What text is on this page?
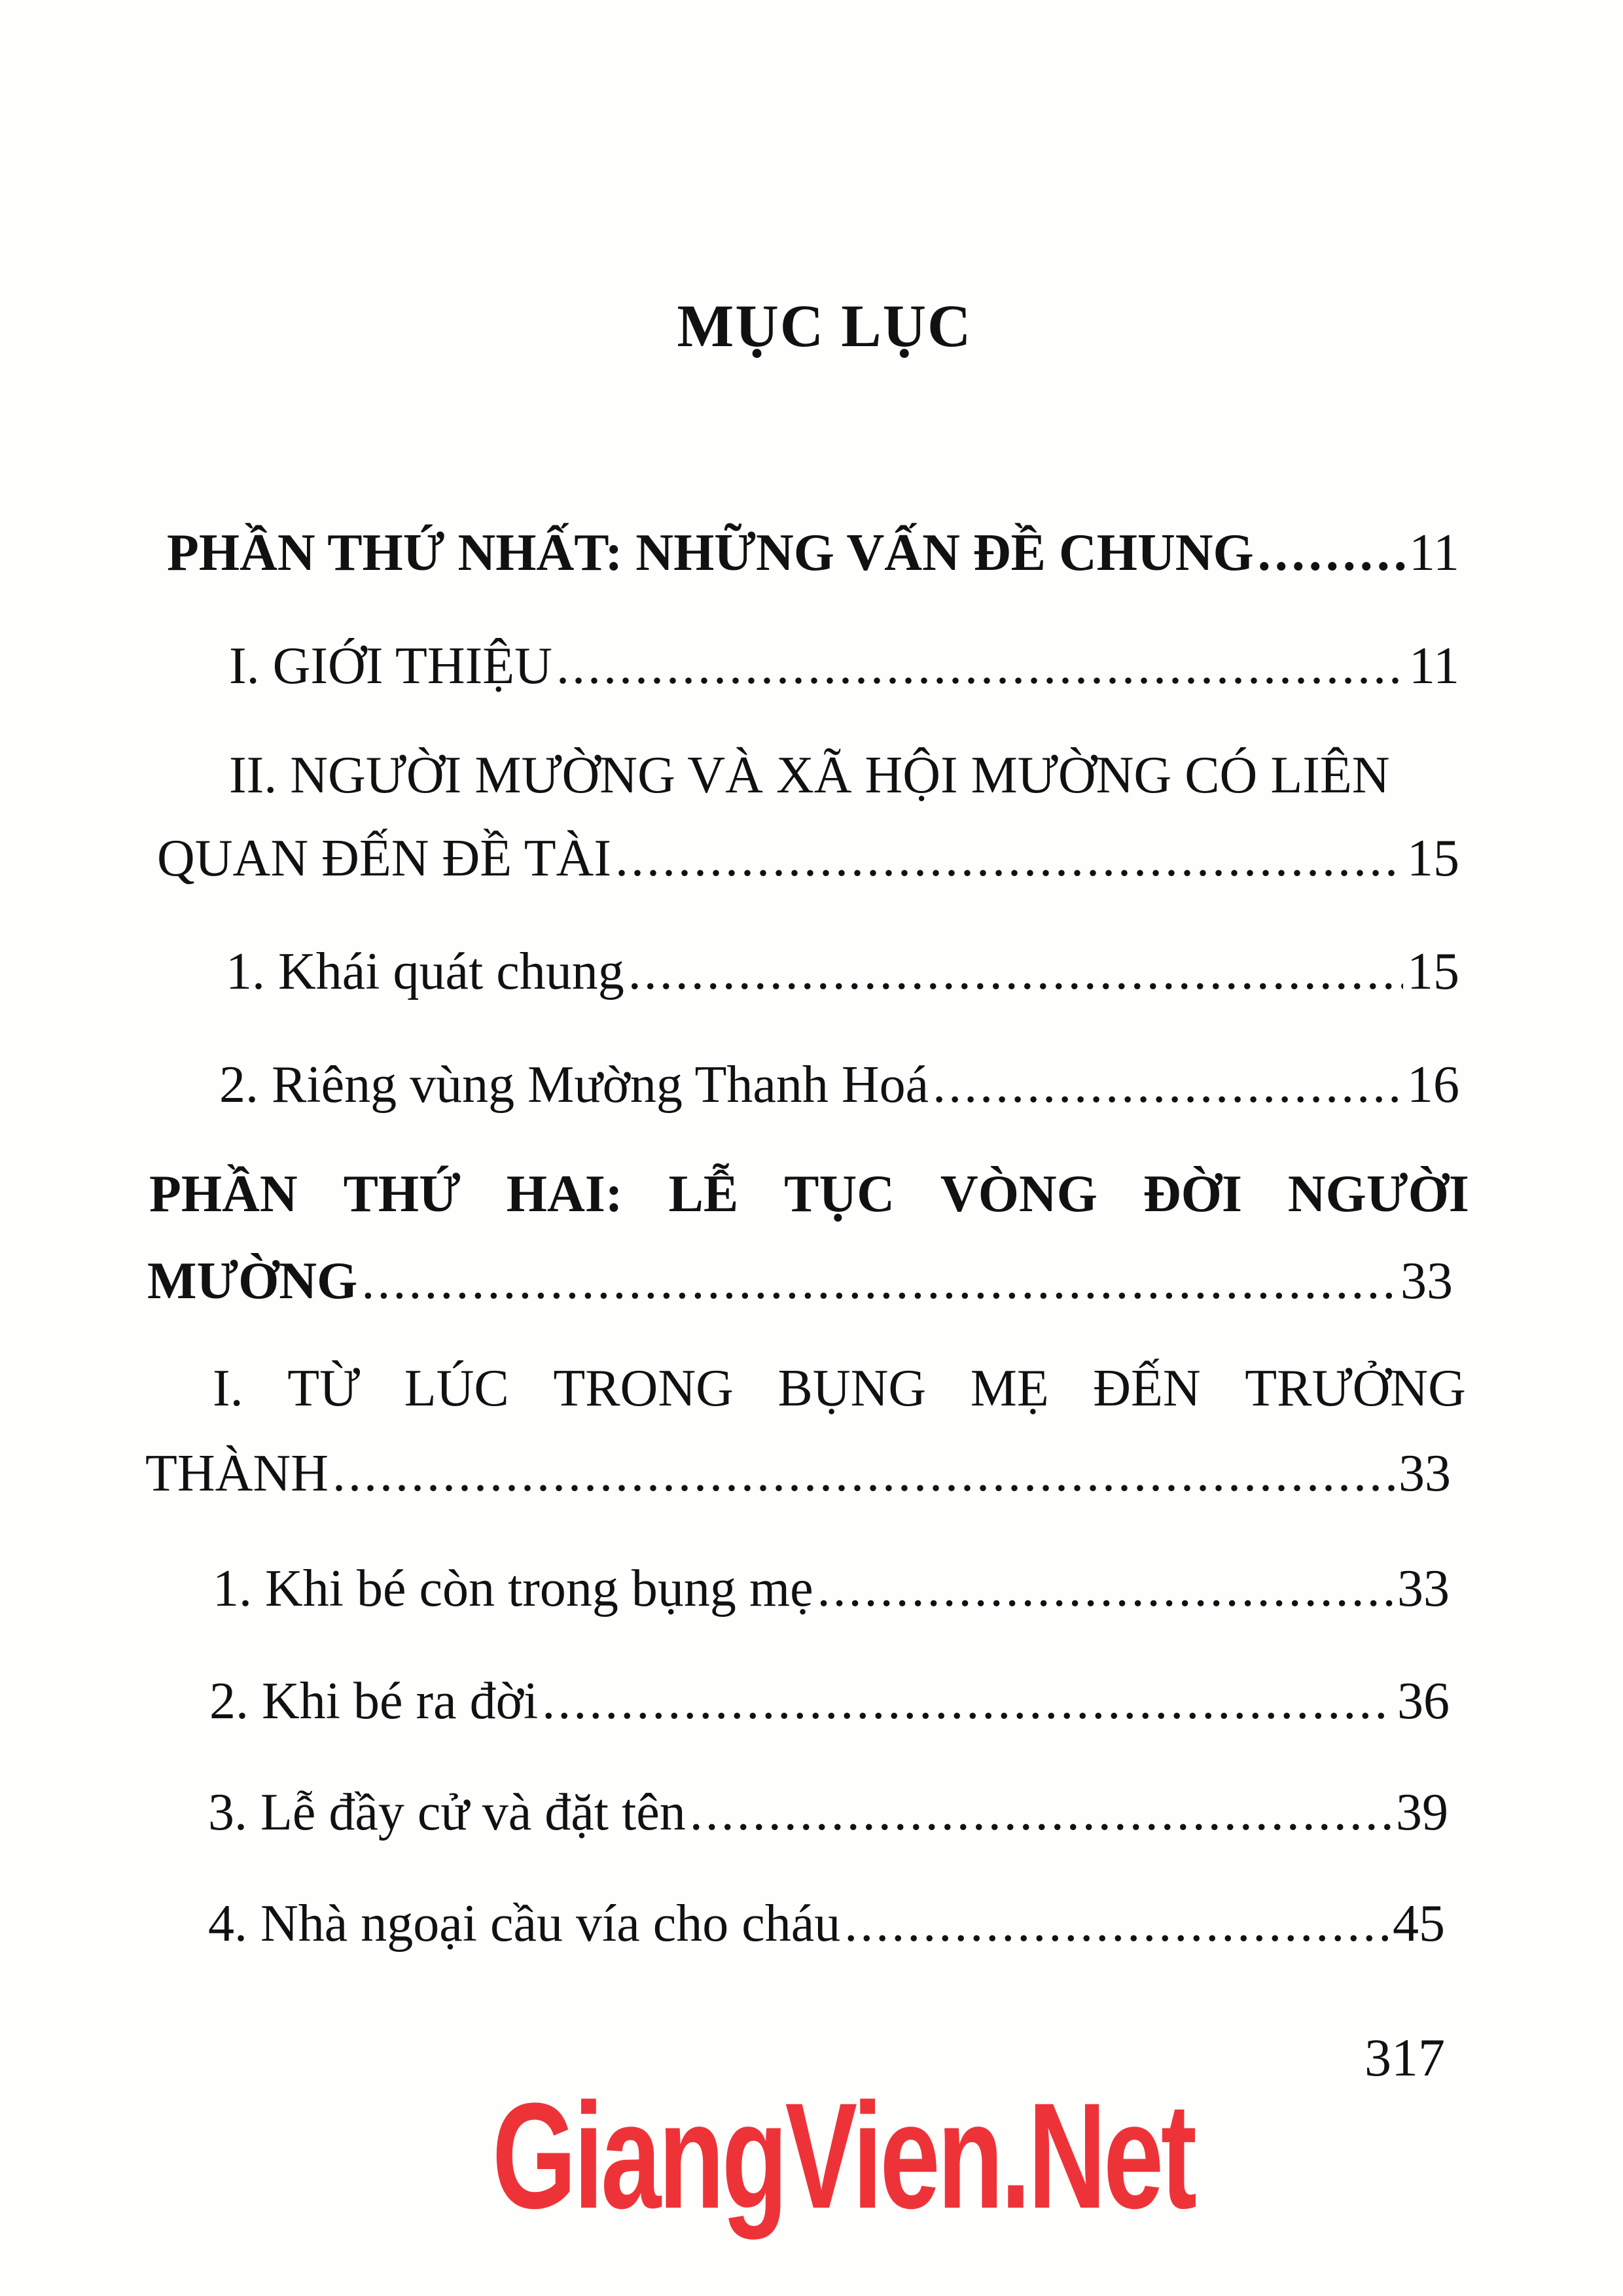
MỤC LỤC
PHẦN THỨ NHẤT: NHỮNG VẤN ĐỀ CHUNG .....	11
I. GIỚI THIỆU .....	11
II. NGƯỜI MƯỜNG VÀ XÃ HỘI MƯỜNG CÓ LIÊN
QUAN ĐẾN ĐỀ TÀI .....	15
1. Khái quát chung .....	15
2. Riêng vùng Mường Thanh Hoá .....	16
PHẦN THỨ HAI: LỄ TỤC VÒNG ĐỜI NGƯỜI
MƯỜNG .....	33
I. TỪ LÚC TRONG BỤNG MẸ ĐẾN TRƯỞNG
THÀNH .....	33
1. Khi bé còn trong bụng mẹ .....	33
2. Khi bé ra đời .....	36
3. Lễ đầy cử và đặt tên .....	39
4. Nhà ngoại cầu vía cho cháu .....	45
317
GiangVien.Net
